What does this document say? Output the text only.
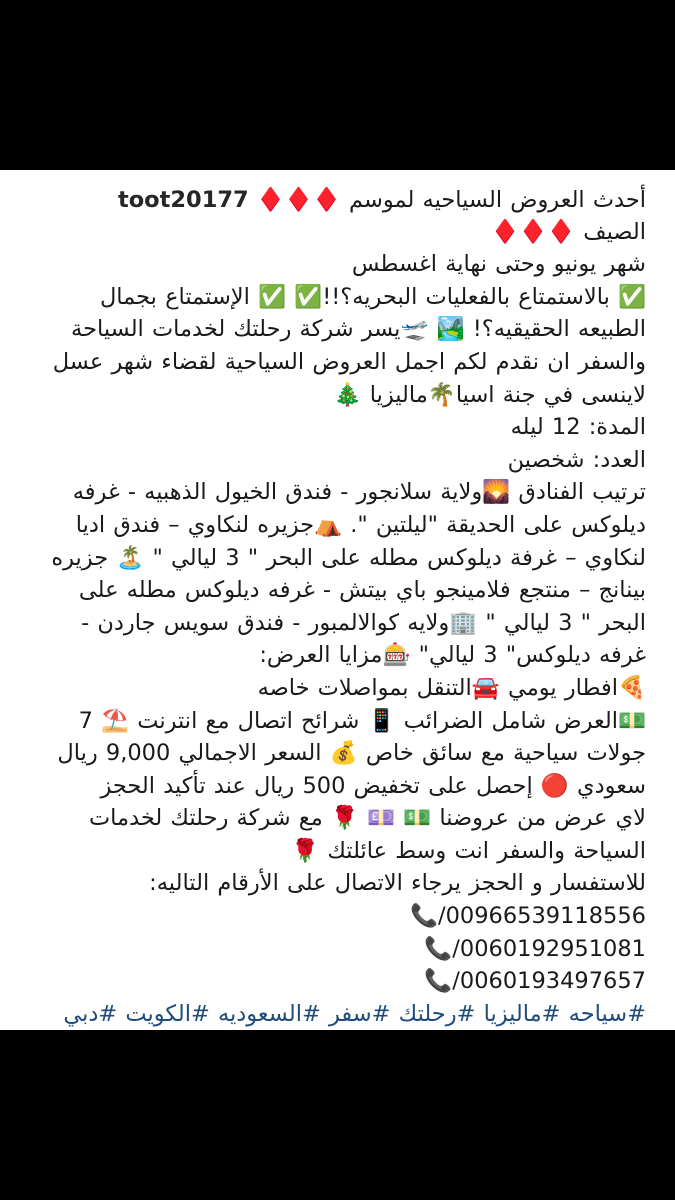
أحدث العروض السياحيه لموسم ♦️♦️♦️ toot20177
الصيف ♦️♦️♦️
شهر يونيو وحتى نهاية اغسطس
✅ بالاستمتاع بالفعليات البحريه؟!!✅ ✅ الإستمتاع بجمال
الطبيعه الحقيقيه؟! 🏞️ 🛫يسر شركة رحلتك لخدمات السياحة
والسفر ان نقدم لكم اجمل العروض السياحية لقضاء شهر عسل
لاينسى في جنة اسيا🌴ماليزيا 🎄
المدة: 12 ليله
العدد: شخصين
ترتيب الفنادق 🌄ولاية سلانجور - فندق الخيول الذهبيه - غرفه
ديلوكس على الحديقة "ليلتين ". ⛺جزيره لنكاوي – فندق اديا
لنكاوي – غرفة ديلوكس مطله على البحر " 3 ليالي " 🏝️ جزيره
بينانج – منتجع فلامينجو باي بيتش - غرفه ديلوكس مطله على
البحر " 3 ليالي " 🏢ولايه كوالالمبور - فندق سويس جاردن -
غرفه ديلوكس" 3 ليالي" 🎰مزايا العرض:
🍕افطار يومي 🚘التنقل بمواصلات خاصه
💵العرض شامل الضرائب 📱 شرائح اتصال مع انترنت ⛱️ 7
جولات سياحية مع سائق خاص 💰 السعر الاجمالي 9,000 ريال
سعودي 🔴 إحصل على تخفيض 500 ريال عند تأكيد الحجز
لاي عرض من عروضنا 💵 💷 🌹 مع شركة رحلتك لخدمات
السياحة والسفر انت وسط عائلتك 🌹
للاستفسار و الحجز يرجاء الاتصال على الأرقام التاليه:
📞/00966539118556
📞/0060192951081
📞/0060193497657
#سياحه #ماليزيا #رحلتك #سفر #السعوديه #الكويت #دبي
